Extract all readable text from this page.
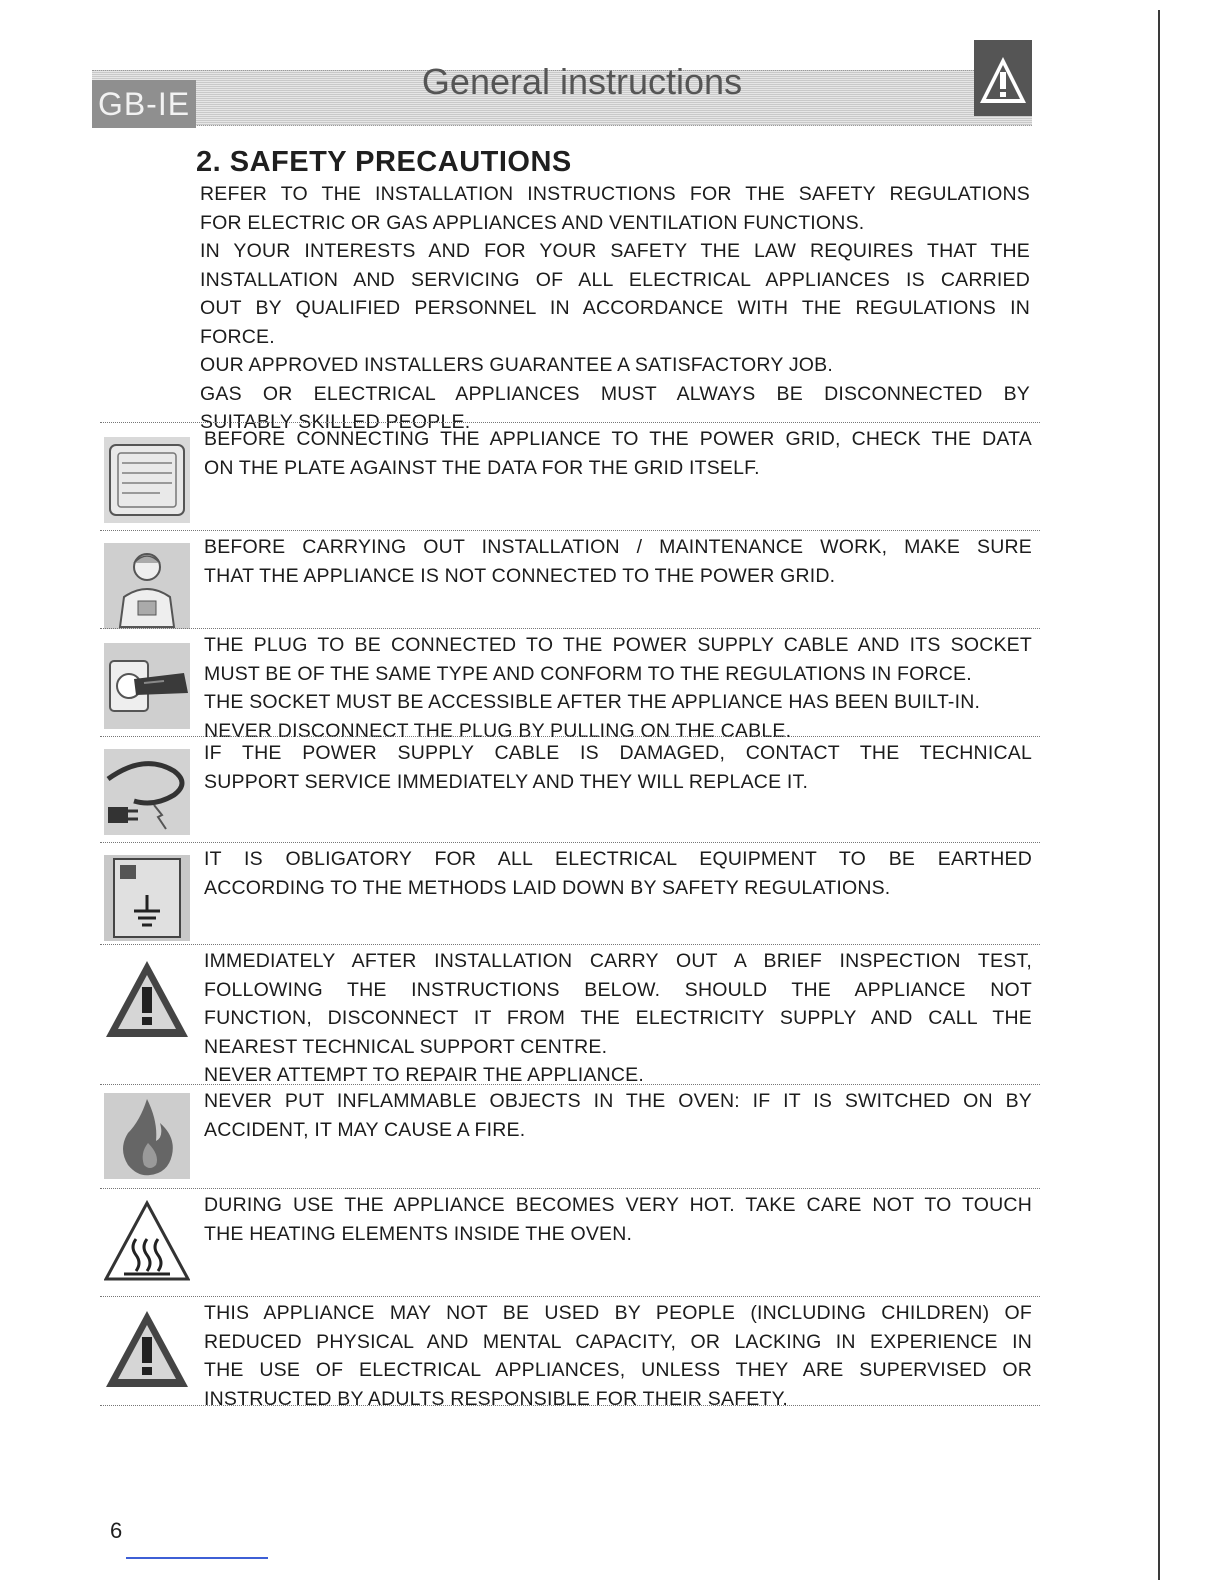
GB-IE
General instructions
2. SAFETY PRECAUTIONS
REFER TO THE INSTALLATION INSTRUCTIONS FOR THE SAFETY REGULATIONS
FOR ELECTRIC OR GAS APPLIANCES AND VENTILATION FUNCTIONS.
IN YOUR INTERESTS AND FOR YOUR SAFETY THE LAW REQUIRES THAT THE
INSTALLATION AND SERVICING OF ALL ELECTRICAL APPLIANCES IS CARRIED
OUT BY QUALIFIED PERSONNEL IN ACCORDANCE WITH THE REGULATIONS IN
FORCE.
OUR APPROVED INSTALLERS GUARANTEE A SATISFACTORY JOB.
GAS OR ELECTRICAL APPLIANCES MUST ALWAYS BE DISCONNECTED BY
SUITABLY SKILLED PEOPLE.
BEFORE CONNECTING THE APPLIANCE TO THE POWER GRID, CHECK THE DATA
ON THE PLATE AGAINST THE DATA FOR THE GRID ITSELF.
BEFORE CARRYING OUT INSTALLATION / MAINTENANCE WORK, MAKE SURE
THAT THE APPLIANCE IS NOT CONNECTED TO THE POWER GRID.
THE PLUG TO BE CONNECTED TO THE POWER SUPPLY CABLE AND ITS SOCKET
MUST BE OF THE SAME TYPE AND CONFORM TO THE REGULATIONS IN FORCE.
THE SOCKET MUST BE ACCESSIBLE AFTER THE APPLIANCE HAS BEEN BUILT-IN.
NEVER DISCONNECT THE PLUG BY PULLING ON THE CABLE.
IF THE POWER SUPPLY CABLE IS DAMAGED, CONTACT THE TECHNICAL
SUPPORT SERVICE IMMEDIATELY AND THEY WILL REPLACE IT.
IT IS OBLIGATORY FOR ALL ELECTRICAL EQUIPMENT TO BE EARTHED
ACCORDING TO THE METHODS LAID DOWN BY SAFETY REGULATIONS.
IMMEDIATELY AFTER INSTALLATION CARRY OUT A BRIEF INSPECTION TEST,
FOLLOWING THE INSTRUCTIONS BELOW. SHOULD THE APPLIANCE NOT
FUNCTION, DISCONNECT IT FROM THE ELECTRICITY SUPPLY AND CALL THE
NEAREST TECHNICAL SUPPORT CENTRE.
NEVER ATTEMPT TO REPAIR THE APPLIANCE.
NEVER PUT INFLAMMABLE OBJECTS IN THE OVEN: IF IT IS SWITCHED ON BY
ACCIDENT, IT MAY CAUSE A FIRE.
DURING USE THE APPLIANCE BECOMES VERY HOT. TAKE CARE NOT TO TOUCH
THE HEATING ELEMENTS INSIDE THE OVEN.
THIS APPLIANCE MAY NOT BE USED BY PEOPLE (INCLUDING CHILDREN) OF
REDUCED PHYSICAL AND MENTAL CAPACITY, OR LACKING IN EXPERIENCE IN
THE USE OF ELECTRICAL APPLIANCES, UNLESS THEY ARE SUPERVISED OR
INSTRUCTED BY ADULTS RESPONSIBLE FOR THEIR SAFETY.
6
